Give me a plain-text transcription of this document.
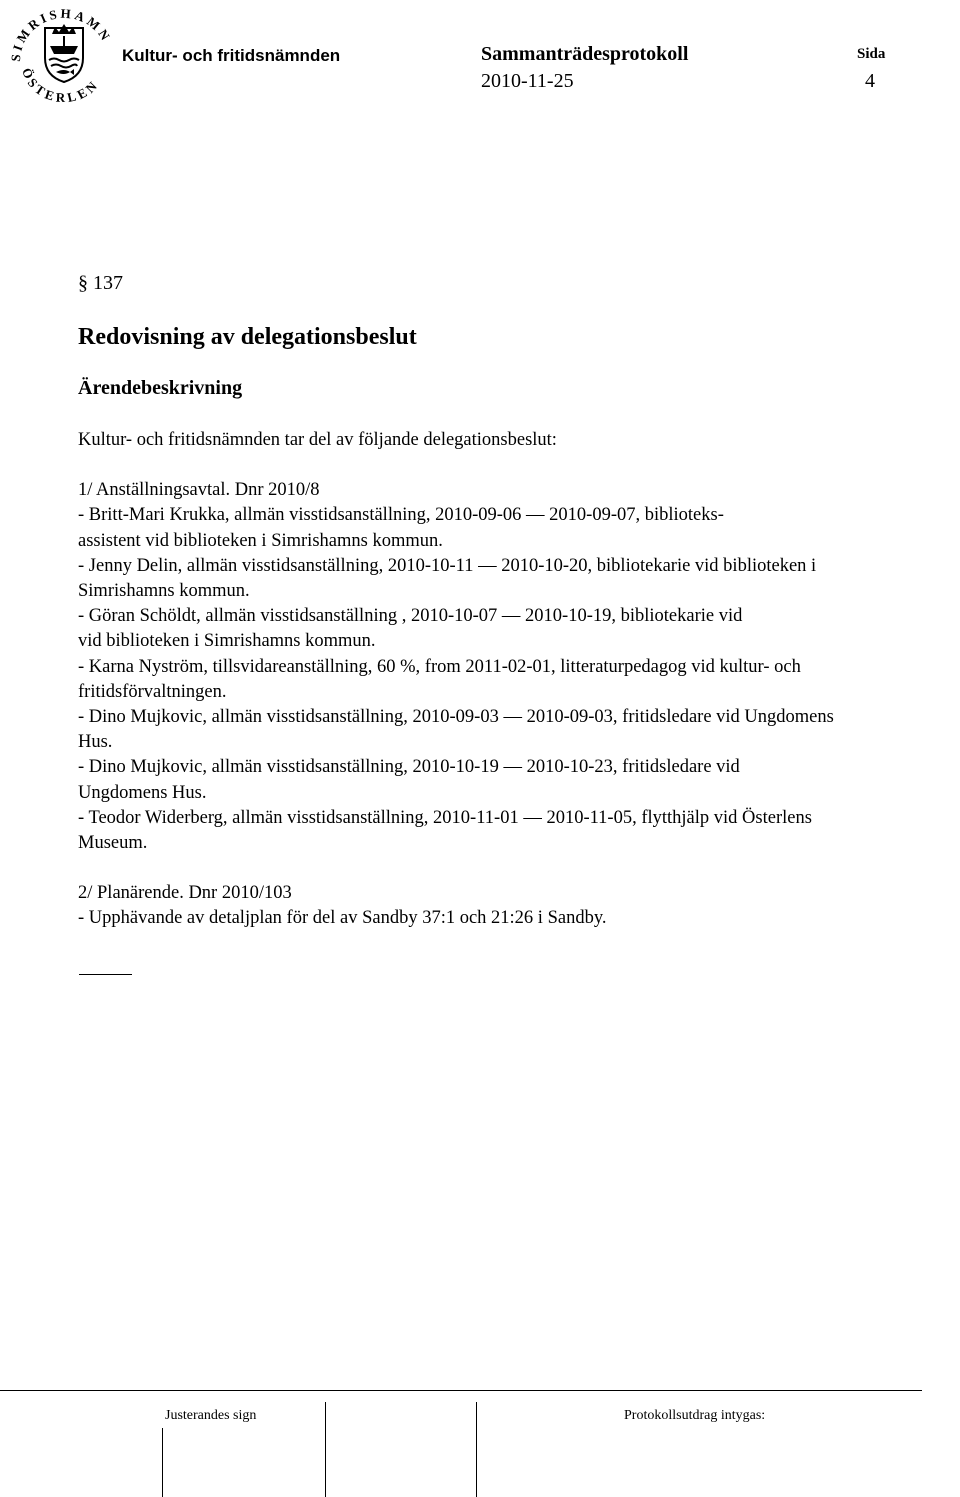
SIMRISHAMN
ÖSTERLEN
Kultur- och fritidsnämnden	Sammanträdesprotokoll	Sida
2010-11-25	4
§ 137
Redovisning av delegationsbeslut
Ärendebeskrivning

Kultur- och fritidsnämnden tar del av följande delegationsbeslut:

1/ Anställningsavtal. Dnr 2010/8

- Britt-Mari Krukka, allmän visstidsanställning, 2010-09-06 — 2010-09-07, biblioteks-

assistent vid biblioteken i Simrishamns kommun.

- Jenny Delin, allmän visstidsanställning, 2010-10-11 — 2010-10-20, bibliotekarie vid biblioteken i

Simrishamns kommun.

- Göran Schöldt, allmän visstidsanställning , 2010-10-07 — 2010-10-19, bibliotekarie vid

vid biblioteken i Simrishamns kommun.

- Karna Nyström, tillsvidareanställning, 60 %, from 2011-02-01, litteraturpedagog vid kultur- och

fritidsförvaltningen.

- Dino Mujkovic, allmän visstidsanställning, 2010-09-03 — 2010-09-03, fritidsledare vid Ungdomens

Hus.

- Dino Mujkovic, allmän visstidsanställning, 2010-10-19 — 2010-10-23, fritidsledare vid

Ungdomens Hus.

- Teodor Widerberg, allmän visstidsanställning, 2010-11-01 — 2010-11-05, flytthjälp vid Österlens

Museum.

2/ Planärende. Dnr 2010/103

- Upphävande av detaljplan för del av Sandby 37:1 och 21:26 i Sandby.

Justerandes sign	Protokollsutdrag intygas:
